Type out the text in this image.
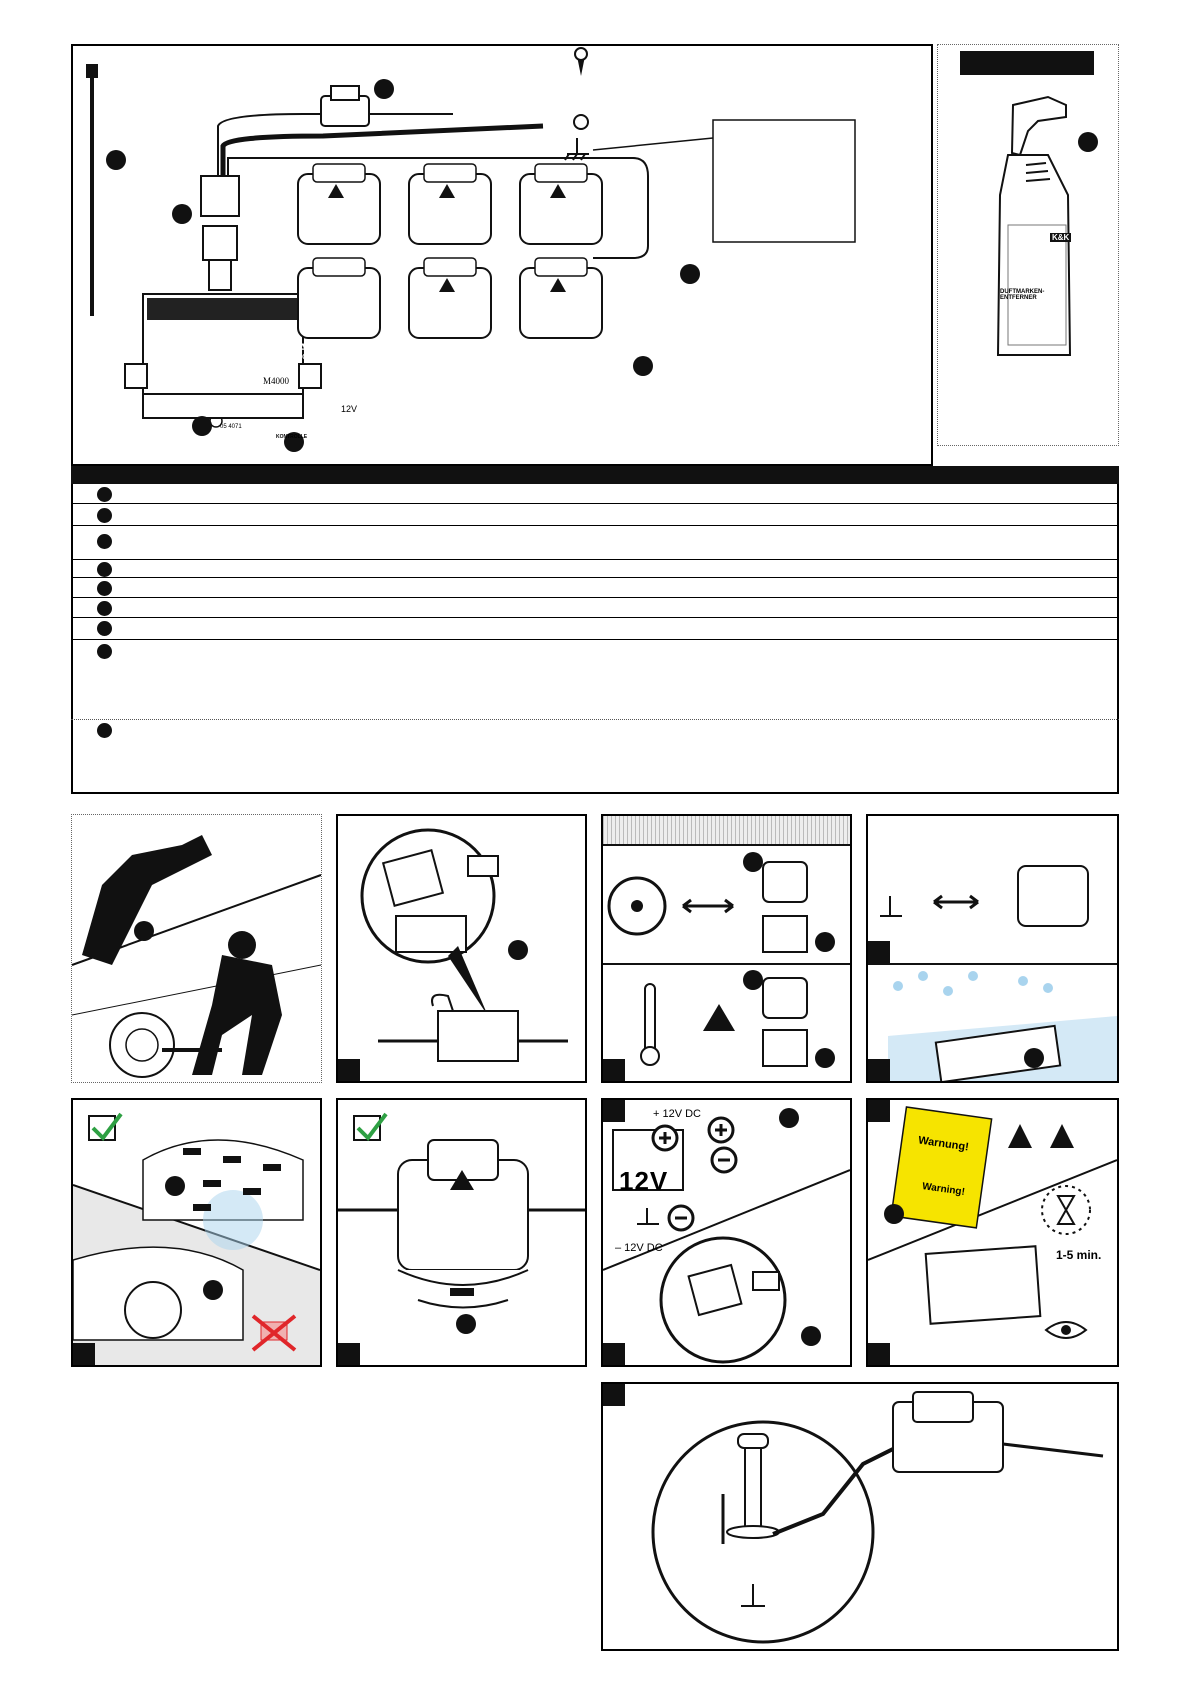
MARDERABWEHR
MIT ELEKTROSCHOCK
M4000
12V
05 4071
KONTROLLE
K&K
DUFTMARKEN-ENTFERNER
+ 12V DC
– 12V DC
12V
Warnung!
Warning!
1-5 min.
